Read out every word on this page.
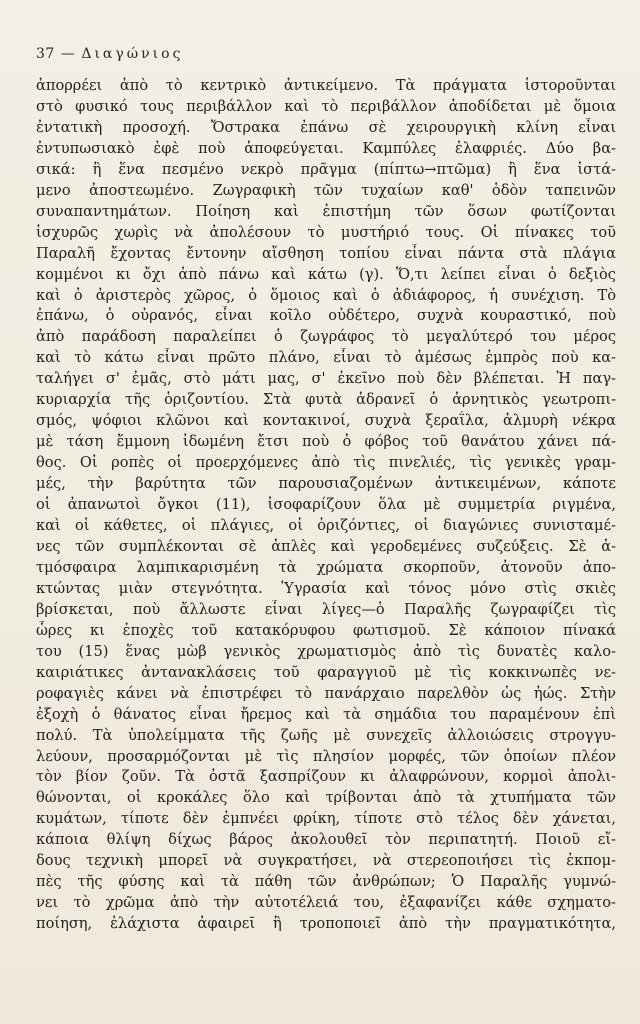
37 — Διαγώνιος
ἀπορρέει ἀπὸ τὸ κεντρικὸ ἀντικείμενο. Τὰ πράγματα ἱστοροῦνται
στὸ φυσικό τους περιβάλλον καὶ τὸ περιβάλλον ἀποδίδεται μὲ ὅμοια
ἐντατικὴ προσοχή. Ὄστρακα ἐπάνω σὲ χειρουργικὴ κλίνη εἶναι
ἐντυπωσιακὸ ἐφὲ ποὺ ἀποφεύγεται. Καμπύλες ἐλαφριές. Δύο βα-
σικά: ἢ ἕνα πεσμένο νεκρὸ πρᾶγμα (πίπτω→πτῶμα) ἢ ἕνα ἱστά-
μενο ἀποστεωμένο. Ζωγραφικὴ τῶν τυχαίων καθ' ὁδὸν ταπεινῶν
συναπαντημάτων. Ποίηση καὶ ἐπιστήμη τῶν ὅσων φωτίζονται
ἰσχυρῶς χωρὶς νὰ ἀπολέσουν τὸ μυστήριό τους. Οἱ πίνακες τοῦ
Παραλῆ ἔχοντας ἔντονην αἴσθηση τοπίου εἶναι πάντα στὰ πλάγια
κομμένοι κι ὄχι ἀπὸ πάνω καὶ κάτω (γ). Ὅ,τι λείπει εἶναι ὁ δεξιὸς
καὶ ὁ ἀριστερὸς χῶρος, ὁ ὅμοιος καὶ ὁ ἀδιάφορος, ἡ συνέχιση. Τὸ
ἐπάνω, ὁ οὐρανός, εἶναι κοῖλο οὐδέτερο, συχνὰ κουραστικό, ποὺ
ἀπὸ παράδοση παραλείπει ὁ ζωγράφος τὸ μεγαλύτερό του μέρος
καὶ τὸ κάτω εἶναι πρῶτο πλάνο, εἶναι τὸ ἀμέσως ἐμπρὸς ποὺ κα-
ταλήγει σ' ἐμᾶς, στὸ μάτι μας, σ' ἐκεῖνο ποὺ δὲν βλέπεται. Ἡ παγ-
κυριαρχία τῆς ὁριζοντίου. Στὰ φυτὰ ἀδρανεῖ ὁ ἀρνητικὸς γεωτροπι-
σμός, ψόφιοι κλῶνοι καὶ κοντακινοί, συχνὰ ξεραΐλα, ἁλμυρὴ νέκρα
μὲ τάση ἔμμονη ἰδωμένη ἔτσι ποὺ ὁ φόβος τοῦ θανάτου χάνει πά-
θος. Οἱ ροπὲς οἱ προερχόμενες ἀπὸ τὶς πινελιές, τὶς γενικὲς γραμ-
μές, τὴν βαρύτητα τῶν παρουσιαζομένων ἀντικειμένων, κάποτε
οἱ ἀπανωτοὶ ὄγκοι (11), ἰσοφαρίζουν ὅλα μὲ συμμετρία ριγμένα,
καὶ οἱ κάθετες, οἱ πλάγιες, οἱ ὁριζόντιες, οἱ διαγώνιες συνισταμέ-
νες τῶν συμπλέκονται σὲ ἁπλὲς καὶ γεροδεμένες συζεύξεις. Σὲ ἀ-
τμόσφαιρα λαμπικαρισμένη τὰ χρώματα σκορποῦν, ἀτονοῦν ἀπο-
κτώντας μιὰν στεγνότητα. Ὑγρασία καὶ τόνος μόνο στὶς σκιὲς
βρίσκεται, ποὺ ἄλλωστε εἶναι λίγες—ὁ Παραλῆς ζωγραφίζει τὶς
ὧρες κι ἐποχὲς τοῦ κατακόρυφου φωτισμοῦ. Σὲ κάποιον πίνακά
του (15) ἕνας μὼβ γενικὸς χρωματισμὸς ἀπὸ τὶς δυνατὲς καλο-
καιριάτικες ἀντανακλάσεις τοῦ φαραγγιοῦ μὲ τὶς κοκκινωπὲς νε-
ροφαγιὲς κάνει νὰ ἐπιστρέφει τὸ πανάρχαιο παρελθὸν ὡς ἠώς. Στὴν
ἐξοχὴ ὁ θάνατος εἶναι ἤρεμος καὶ τὰ σημάδια του παραμένουν ἐπὶ
πολύ. Τὰ ὑπολείμματα τῆς ζωῆς μὲ συνεχεῖς ἀλλοιώσεις στρογγυ-
λεύουν, προσαρμόζονται μὲ τὶς πλησίον μορφές, τῶν ὁποίων πλέον
τὸν βίον ζοῦν. Τὰ ὀστᾶ ξασπρίζουν κι ἀλαφρώνουν, κορμοὶ ἀπολι-
θώνονται, οἱ κροκάλες ὅλο καὶ τρίβονται ἀπὸ τὰ χτυπήματα τῶν
κυμάτων, τίποτε δὲν ἐμπνέει φρίκη, τίποτε στὸ τέλος δὲν χάνεται,
κάποια θλίψη δίχως βάρος ἀκολουθεῖ τὸν περιπατητή. Ποιοῦ εἴ-
δους τεχνικὴ μπορεῖ νὰ συγκρατήσει, νὰ στερεοποιήσει τὶς ἐκπομ-
πὲς τῆς φύσης καὶ τὰ πάθη τῶν ἀνθρώπων; Ὁ Παραλῆς γυμνώ-
νει τὸ χρῶμα ἀπὸ τὴν αὐτοτέλειά του, ἐξαφανίζει κάθε σχηματο-
ποίηση, ἐλάχιστα ἀφαιρεῖ ἢ τροποποιεῖ ἀπὸ τὴν πραγματικότητα,
